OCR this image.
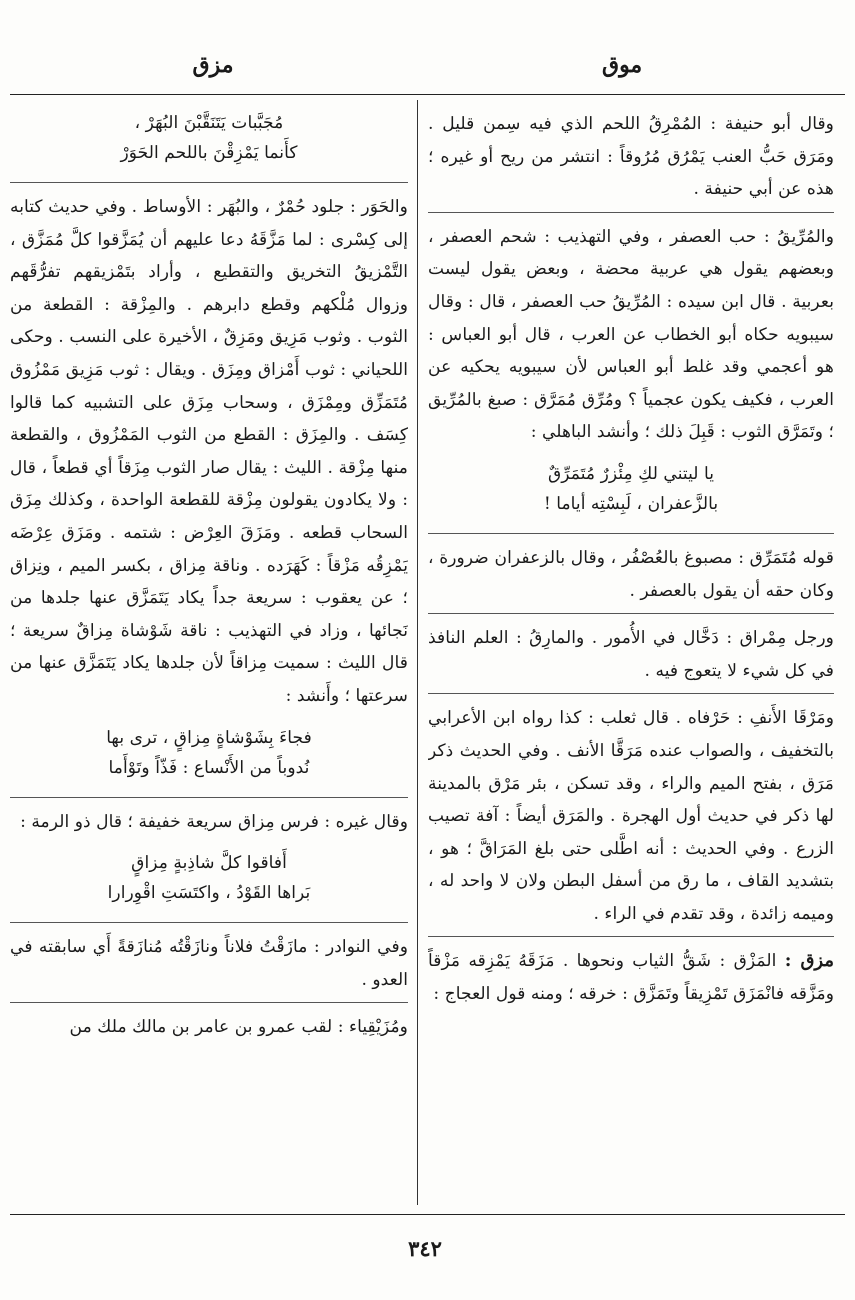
موق
مزق

وقال أبو حنيفة : المُمْرِقُ اللحم الذي فيه سِمن قليل . ومَرَق حَبُّ العنب يَمْرُق مُرُوقاً : انتشر من ريح أو غيره ؛ هذه عن أبي حنيفة .

والمُرِّيقُ : حب العصفر ، وفي التهذيب : شحم العصفر ، وبعضهم يقول هي عربية محضة ، وبعض يقول ليست بعربية . قال ابن سيده : المُرِّيقُ حب العصفر ، قال : وقال سيبويه حكاه أبو الخطاب عن العرب ، قال أبو العباس : هو أعجمي وقد غلط أبو العباس لأن سيبويه يحكيه عن العرب ، فكيف يكون عجمياً ؟ ومُرِّق مُمَرَّق : صبغ بالمُرِّيق ؛ وتَمَرَّق الثوب : قَبِلَ ذلك ؛ وأنشد الباهلي :

يا ليتني لكِ مِئْزرٌ مُتَمَرِّقٌ
بالزَّعفران ، لَبِسْتِه أياما !

قوله مُتَمَرِّق : مصبوغ بالعُصْفُر ، وقال بالزعفران ضرورة ، وكان حقه أن يقول بالعصفر .

ورجل مِمْراق : دَخَّال في الأُمور . والمارِقُ : العلم النافذ في كل شيء لا يتعوج فيه .

ومَرْقَا الأَنفِ : حَرْفاه . قال ثعلب : كذا رواه ابن الأعرابي بالتخفيف ، والصواب عنده مَرَقَّا الأنف . وفي الحديث ذكر مَرَق ، بفتح الميم والراء ، وقد تسكن ، بئر مَرْق بالمدينة لها ذكر في حديث أول الهجرة . والمَرَق أيضاً : آفة تصيب الزرع . وفي الحديث : أنه اطَّلى حتى بلغ المَرَاقَّ ؛ هو ، بتشديد القاف ، ما رق من أسفل البطن ولان لا واحد له ، وميمه زائدة ، وقد تقدم في الراء .

مزق : المَزْق : شَقُّ الثياب ونحوها . مَزَقَهُ يَمْزِقه مَزْقاً ومَزَّقه فانْمَزَق تَمْزِيقاً وتَمَزَّق : خرقه ؛ ومنه قول العجاج :

مُجَبَّبات يَتَنَقَّبْنَ البُهَرْ ،
كأَنما يَمْزِقْنَ باللحم الحَوَرْ

والحَوَر : جلود حُمْرٌ ، والبُهَر : الأوساط . وفي حديث كتابه إلى كِسْرى : لما مَزَّقَهُ دعا عليهم أن يُمَزَّقوا كلَّ مُمَزَّق ، التَّمْزيقُ التخريق والتقطيع ، وأراد بتَمْزيقهم تفرُّقَهم وزوال مُلْكهم وقطع دابرهم . والمِزْقة : القطعة من الثوب . وثوب مَزِيق ومَزِقٌ ، الأخيرة على النسب . وحكى اللحياني : ثوب أَمْزاق ومِزَق . ويقال : ثوب مَزِيق مَمْزُوق مُتَمَزِّق ومِمْزَق ، وسحاب مِزَق على التشبيه كما قالوا كِسَف . والمِزَق : القطع من الثوب المَمْزُوق ، والقطعة منها مِزْقة . الليث : يقال صار الثوب مِزَقاً أي قطعاً ، قال : ولا يكادون يقولون مِزْقة للقطعة الواحدة ، وكذلك مِزَق السحاب قطعه . ومَزَقَ العِرْض : شتمه . ومَزَق عِرْضَه يَمْزِقُه مَزْقاً : كَهَرَده . وناقة مِزاق ، بكسر الميم ، ونِزاق ؛ عن يعقوب : سريعة جداً يكاد يَتَمَزَّق عنها جلدها من نَجائها ، وزاد في التهذيب : ناقة شَوْشاة مِزاقٌ سريعة ؛ قال الليث : سميت مِزاقاً لأن جلدها يكاد يَتَمَزَّق عنها من سرعتها ؛ وأَنشد :

فجاءَ بِشَوْشاةٍ مِزاقٍ ، ترى بها
نُدوباً من الأَنْساع : فَذّاً وتَوْأَما

وقال غيره : فرس مِزاق سريعة خفيفة ؛ قال ذو الرمة :

أَفاقوا كلَّ شاذِبةٍ مِزاقٍ
بَراها القَوْدُ ، واكتَسَتِ اقْوِرارا

وفي النوادر : مازَقْتُ فلاناً ونازَقْتُه مُنازَقةً أَي سابقته في العدو .

ومُزَيْقِياء : لقب عمرو بن عامر بن مالك ملك من

٣٤٢
